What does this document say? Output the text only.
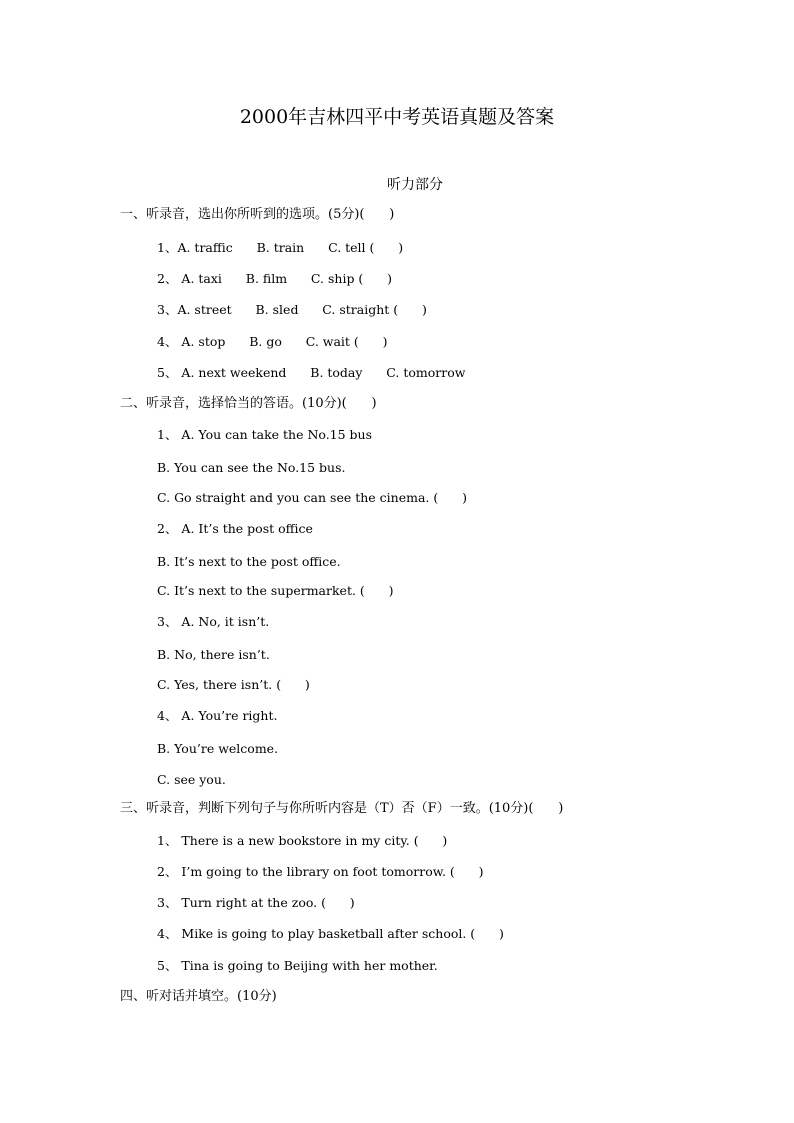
2000年吉林四平中考英语真题及答案
听力部分
一、听录音，选出你所听到的选项。(5分)(      )
1、A. traffic      B. train      C. tell (      )
2、 A. taxi      B. film      C. ship (      )
3、A. street      B. sled      C. straight (      )
4、 A. stop      B. go      C. wait (      )
5、 A. next weekend      B. today      C. tomorrow
二、听录音，选择恰当的答语。(10分)(      )
1、 A. You can take the No.15 bus
B. You can see the No.15 bus.
C. Go straight and you can see the cinema. (      )
2、 A. It’s the post office
B. It’s next to the post office.
C. It’s next to the supermarket. (      )
3、 A. No, it isn’t.
B. No, there isn’t.
C. Yes, there isn’t. (      )
4、 A. You’re right.
B. You’re welcome.
C. see you.
三、听录音，判断下列句子与你所听内容是（T）否（F）一致。(10分)(      )
1、 There is a new bookstore in my city. (      )
2、 I’m going to the library on foot tomorrow. (      )
3、 Turn right at the zoo. (      )
4、 Mike is going to play basketball after school. (      )
5、 Tina is going to Beijing with her mother.
四、听对话并填空。(10分)
